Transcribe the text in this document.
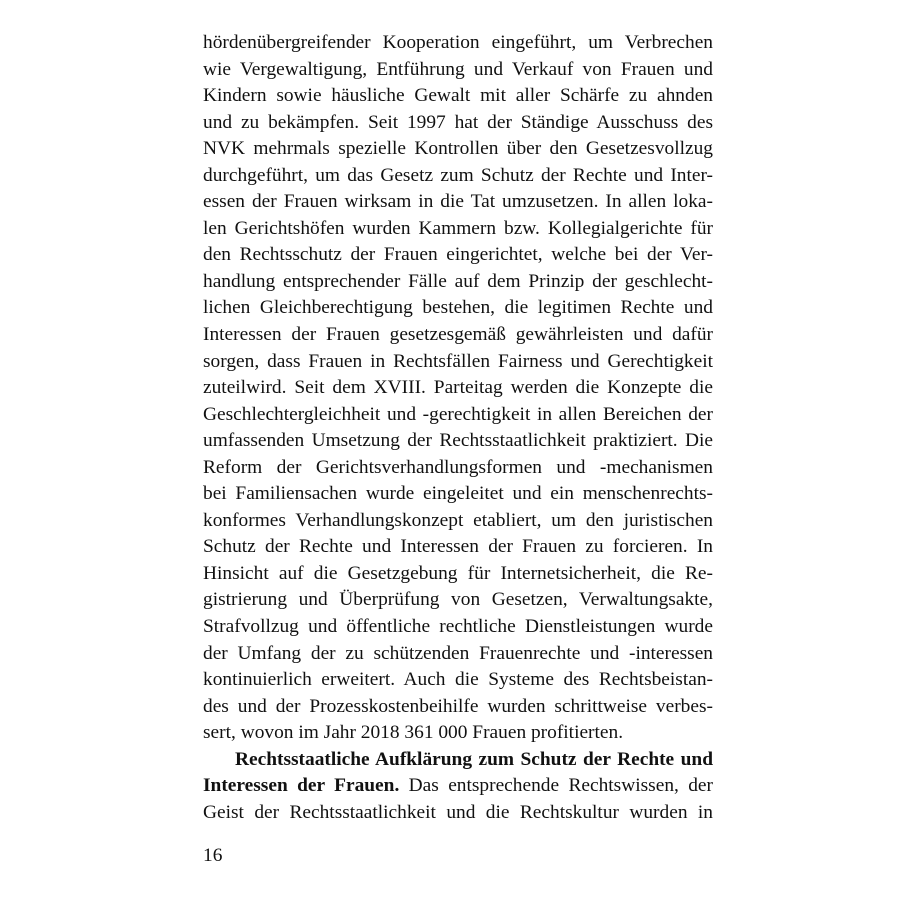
hördenübergreifender Kooperation eingeführt, um Verbrechen
wie Vergewaltigung, Entführung und Verkauf von Frauen und
Kindern sowie häusliche Gewalt mit aller Schärfe zu ahnden
und zu bekämpfen. Seit 1997 hat der Ständige Ausschuss des
NVK mehrmals spezielle Kontrollen über den Gesetzesvollzug
durchgeführt, um das Gesetz zum Schutz der Rechte und Inter-
essen der Frauen wirksam in die Tat umzusetzen. In allen loka-
len Gerichtshöfen wurden Kammern bzw. Kollegialgerichte für
den Rechtsschutz der Frauen eingerichtet, welche bei der Ver-
handlung entsprechender Fälle auf dem Prinzip der geschlecht-
lichen Gleichberechtigung bestehen, die legitimen Rechte und
Interessen der Frauen gesetzesgemäß gewährleisten und dafür
sorgen, dass Frauen in Rechtsfällen Fairness und Gerechtigkeit
zuteilwird. Seit dem XVIII. Parteitag werden die Konzepte die
Geschlechtergleichheit und -gerechtigkeit in allen Bereichen der
umfassenden Umsetzung der Rechtsstaatlichkeit praktiziert. Die
Reform der Gerichtsverhandlungsformen und -mechanismen
bei Familiensachen wurde eingeleitet und ein menschenrechts-
konformes Verhandlungskonzept etabliert, um den juristischen
Schutz der Rechte und Interessen der Frauen zu forcieren. In
Hinsicht auf die Gesetzgebung für Internetsicherheit, die Re-
gistrierung und Überprüfung von Gesetzen, Verwaltungsakte,
Strafvollzug und öffentliche rechtliche Dienstleistungen wurde
der Umfang der zu schützenden Frauenrechte und -interessen
kontinuierlich erweitert. Auch die Systeme des Rechtsbeistan-
des und der Prozesskostenbeihilfe wurden schrittweise verbes-
sert, wovon im Jahr 2018 361 000 Frauen profitierten.
Rechtsstaatliche Aufklärung zum Schutz der Rechte und
Interessen der Frauen. Das entsprechende Rechtswissen, der
Geist der Rechtsstaatlichkeit und die Rechtskultur wurden in
16
